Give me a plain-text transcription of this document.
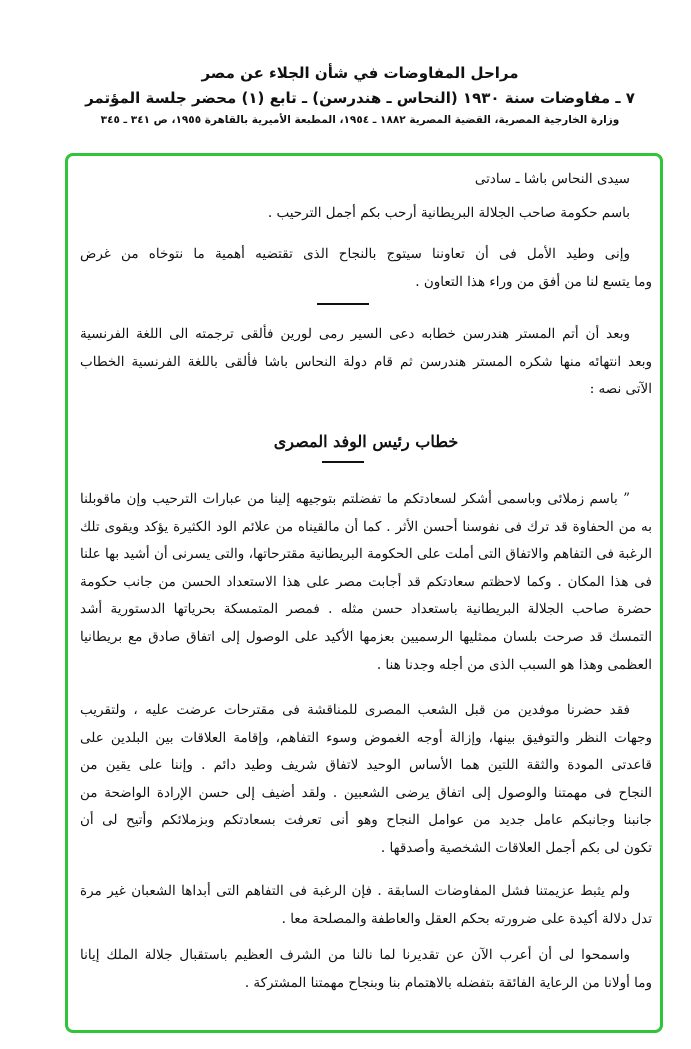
مراحل المفاوضات في شأن الجلاء عن مصر
٧ ـ مفاوضات سنة ١٩٣٠ (النحاس ـ هندرسن) ـ تابع (١) محضر جلسة المؤتمر
وزارة الخارجية المصرية، القضية المصرية ١٨٨٢ ـ ١٩٥٤، المطبعة الأميرية بالقاهرة ١٩٥٥، ص ٣٤١ ـ ٣٤٥
سيدى النحاس باشا ـ سادتى
باسم حكومة صاحب الجلالة البريطانية أرحب بكم أجمل الترحيب .
وإنى وطيد الأمل فى أن تعاوننا سيتوج بالنجاح الذى تقتضيه أهمية ما نتوخاه من غرض
وما يتسع لنا من أفق من وراء هذا التعاون .
وبعد أن أتم المستر هندرسن خطابه دعى السير رمى لورين فألقى ترجمته الى اللغة الفرنسية
وبعد انتهائه منها شكره المستر هندرسن ثم قام دولة النحاس باشا فألقى باللغة الفرنسية الخطاب
الآتى نصه :
خطاب رئيس الوفد المصرى
” باسم زملائى وباسمى أشكر لسعادتكم ما تفضلتم بتوجيهه إلينا من عبارات الترحيب وإن ماقوبلنا
به من الحفاوة قد ترك فى نفوسنا أحسن الأثر . كما أن مالقيناه من علائم الود الكثيرة يؤكد ويقوى تلك
الرغبة فى التفاهم والاتفاق التى أملت على الحكومة البريطانية مقترحاتها، والتى يسرنى أن أشيد بها علنا
فى هذا المكان . وكما لاحظتم سعادتكم قد أجابت مصر على هذا الاستعداد الحسن من جانب حكومة
حضرة صاحب الجلالة البريطانية باستعداد حسن مثله . فمصر المتمسكة بحرياتها الدستورية أشد
التمسك قد صرحت بلسان ممثليها الرسميين بعزمها الأكيد على الوصول إلى اتفاق صادق مع بريطانيا
العظمى وهذا هو السبب الذى من أجله وجدنا هنا .
فقد حضرنا موفدين من قبل الشعب المصرى للمناقشة فى مقترحات عرضت عليه ، ولتقريب
وجهات النظر والتوفيق بينها، وإزالة أوجه الغموض وسوء التفاهم، وإقامة العلاقات بين البلدين على
قاعدتى المودة والثقة اللتين هما الأساس الوحيد لاتفاق شريف وطيد دائم . وإننا على يقين من
النجاح فى مهمتنا والوصول إلى اتفاق يرضى الشعبين . ولقد أضيف إلى حسن الإرادة الواضحة من
جانبنا وجانبكم عامل جديد من عوامل النجاح وهو أنى تعرفت بسعادتكم وبزملائكم وأتيح لى أن
تكون لى بكم أجمل العلاقات الشخصية وأصدقها .
ولم يثبط عزيمتنا فشل المفاوضات السابقة . فإن الرغبة فى التفاهم التى أبداها الشعبان غير مرة
تدل دلالة أكيدة على ضرورته بحكم العقل والعاطفة والمصلحة معا .
واسمحوا لى أن أعرب الآن عن تقديرنا لما نالنا من الشرف العظيم باستقبال جلالة الملك إيانا
وما أولانا من الرعاية الفائقة بتفضله بالاهتمام بنا وبنجاح مهمتنا المشتركة .
